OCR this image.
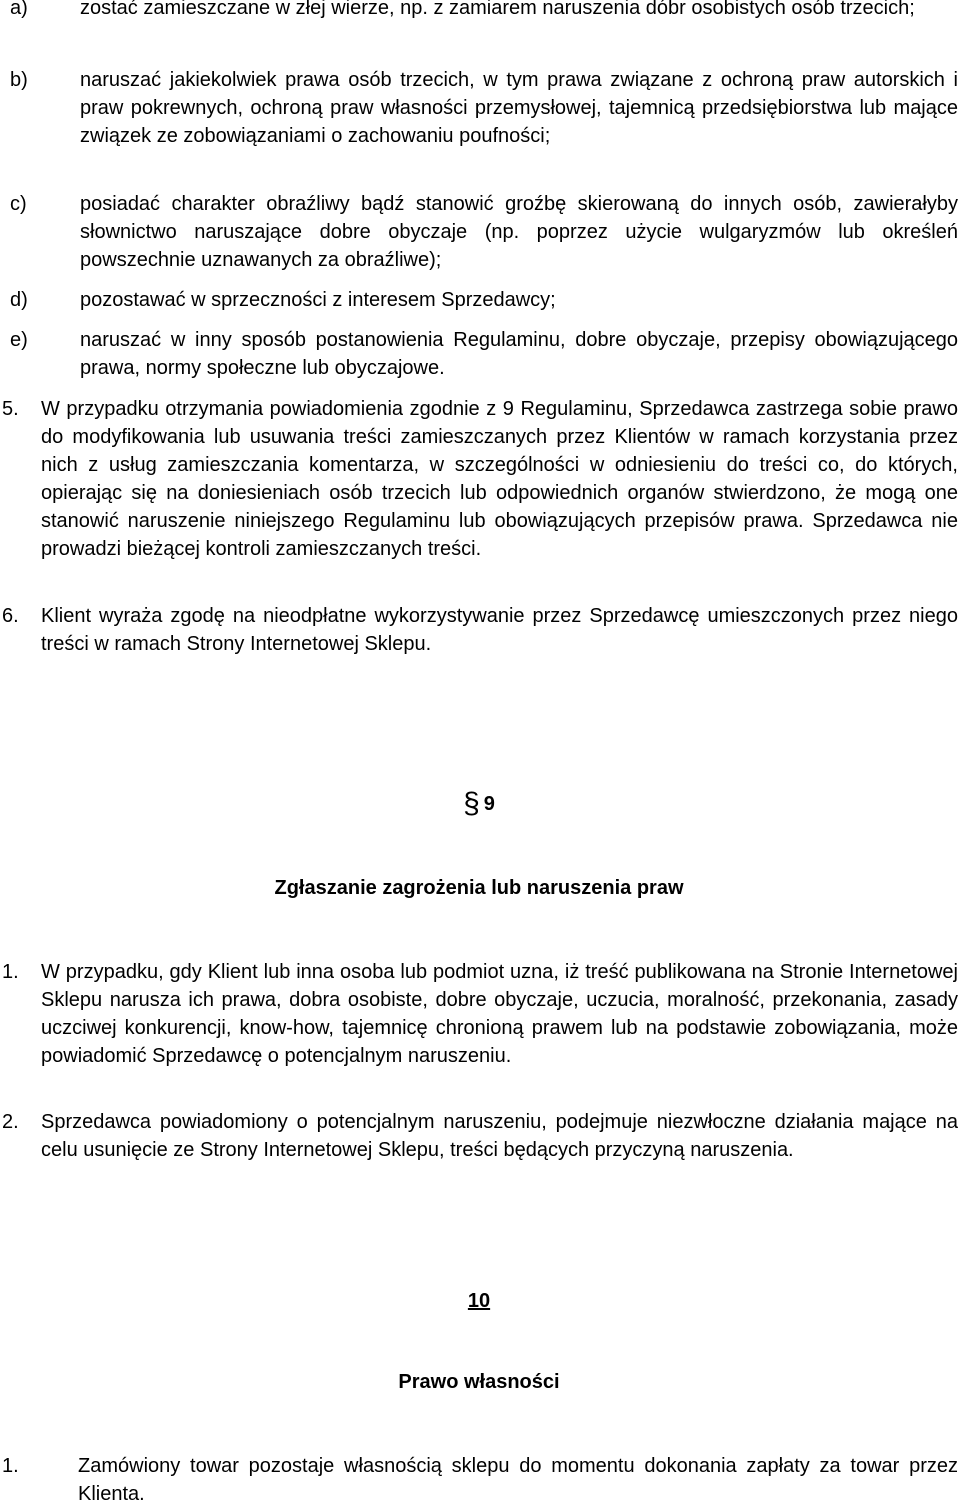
a)	zostać zamieszczane w złej wierze, np. z zamiarem naruszenia dóbr osobistych osób trzecich;
b)	naruszać jakiekolwiek prawa osób trzecich, w tym prawa związane z ochroną praw autorskich i praw pokrewnych, ochroną praw własności przemysłowej, tajemnicą przedsiębiorstwa lub mające związek ze zobowiązaniami o zachowaniu poufności;
c)	posiadać charakter obraźliwy bądź stanowić groźbę skierowaną do innych osób, zawierałyby słownictwo naruszające dobre obyczaje (np. poprzez użycie wulgaryzmów lub określeń powszechnie uznawanych za obraźliwe);
d)	pozostawać w sprzeczności z interesem Sprzedawcy;
e)	naruszać w inny sposób postanowienia Regulaminu, dobre obyczaje, przepisy obowiązującego prawa, normy społeczne lub obyczajowe.
5. W przypadku otrzymania powiadomienia zgodnie z 9 Regulaminu, Sprzedawca zastrzega sobie prawo do modyfikowania lub usuwania treści zamieszczanych przez Klientów w ramach korzystania przez nich z usług zamieszczania komentarza, w szczególności w odniesieniu do treści co, do których, opierając się na doniesieniach osób trzecich lub odpowiednich organów stwierdzono, że mogą one stanowić naruszenie niniejszego Regulaminu lub obowiązujących przepisów prawa. Sprzedawca nie prowadzi bieżącej kontroli zamieszczanych treści.
6. Klient wyraża zgodę na nieodpłatne wykorzystywanie przez Sprzedawcę umieszczonych przez niego treści w ramach Strony Internetowej Sklepu.
§ 9
Zgłaszanie zagrożenia lub naruszenia praw
1. W przypadku, gdy Klient lub inna osoba lub podmiot uzna, iż treść publikowana na Stronie Internetowej Sklepu narusza ich prawa, dobra osobiste, dobre obyczaje, uczucia, moralność, przekonania, zasady uczciwej konkurencji, know-how, tajemnicę chronioną prawem lub na podstawie zobowiązania, może powiadomić Sprzedawcę o potencjalnym naruszeniu.
2. Sprzedawca powiadomiony o potencjalnym naruszeniu, podejmuje niezwłoczne działania mające na celu usunięcie ze Strony Internetowej Sklepu, treści będących przyczyną naruszenia.
10
Prawo własności
1.	Zamówiony towar pozostaje własnością sklepu do momentu dokonania zapłaty za towar przez Klienta.
